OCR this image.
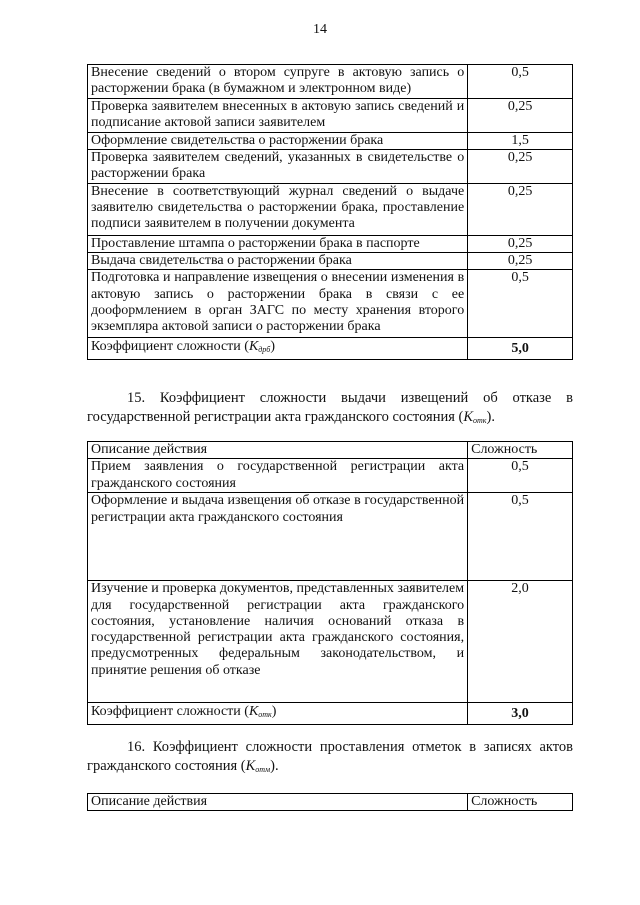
14
Внесение сведений о втором супруге в актовую запись о расторжении брака (в бумажном и электронном виде)	0,5
Проверка заявителем внесенных в актовую запись сведений и подписание актовой записи заявителем	0,25
Оформление свидетельства о расторжении брака	1,5
Проверка заявителем сведений, указанных в свидетельстве о расторжении брака	0,25
Внесение в соответствующий журнал сведений о выдаче заявителю свидетельства о расторжении брака, проставление подписи заявителем в получении документа	0,25
Проставление штампа о расторжении брака в паспорте	0,25
Выдача свидетельства о расторжении брака	0,25
Подготовка и направление извещения о внесении изменения в актовую запись о расторжении брака в связи с ее дооформлением в орган ЗАГС по месту хранения второго экземпляра актовой записи о расторжении брака	0,5
Коэффициент сложности $(К_{дрб})$	5,0
15. Коэффициент сложности выдачи извещений об отказе в государственной регистрации акта гражданского состояния $(К_{отк})$.
Описание действия	Сложность
Прием заявления о государственной регистрации акта гражданского состояния	0,5
Оформление и выдача извещения об отказе в государственной регистрации акта гражданского состояния	0,5
Изучение и проверка документов, представленных заявителем для государственной регистрации акта гражданского состояния, установление наличия оснований отказа в государственной регистрации акта гражданского состояния, предусмотренных федеральным законодательством, и принятие решения об отказе	2,0
Коэффициент сложности $(К_{отк})$	3,0
16. Коэффициент сложности проставления отметок в записях актов гражданского состояния $(К_{отм})$.
Описание действия	Сложность
